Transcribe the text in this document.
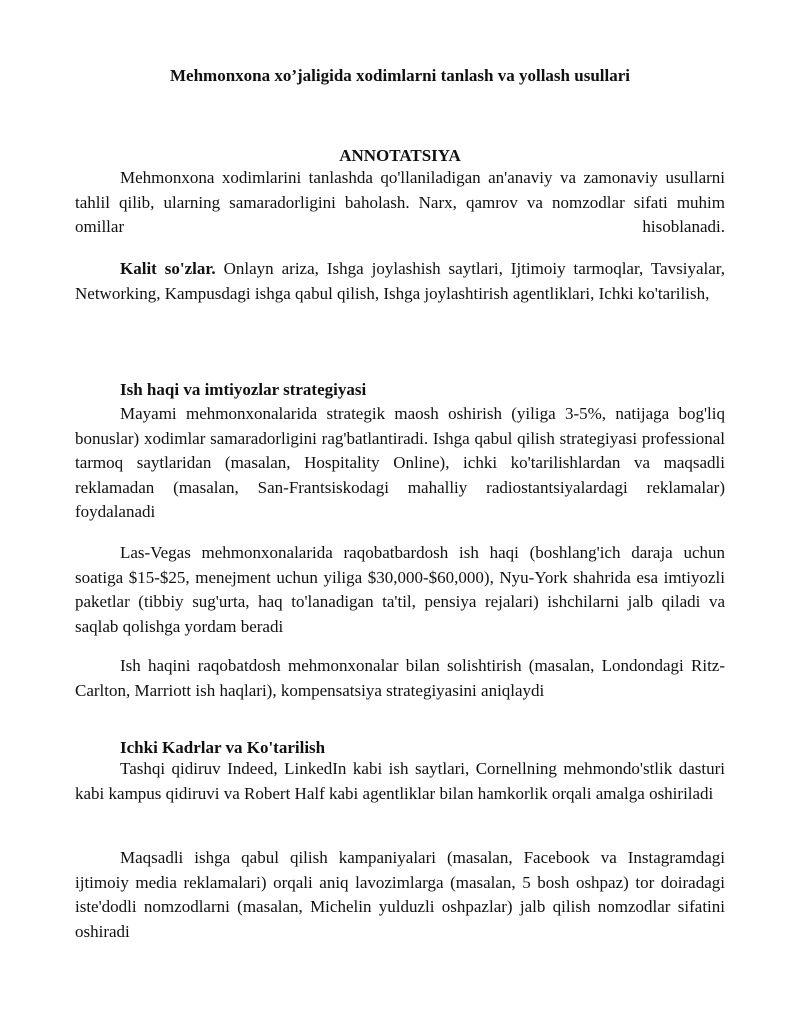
Mehmonxona xo’jaligida xodimlarni tanlash va yollash usullari
ANNOTATSIYA

Mehmonxona xodimlarini tanlashda qo'llaniladigan an'anaviy va zamonaviy usullarni tahlil qilib, ularning samaradorligini baholash. Narx, qamrov va nomzodlar sifati muhim omillar hisoblanadi.

Kalit so'zlar. Onlayn ariza, Ishga joylashish saytlari, Ijtimoiy tarmoqlar, Tavsiyalar, Networking, Kampusdagi ishga qabul qilish, Ishga joylashtirish agentliklari, Ichki ko'tarilish,

Ish haqi va imtiyozlar strategiyasi

Mayami mehmonxonalarida strategik maosh oshirish (yiliga 3-5%, natijaga bog'liq bonuslar) xodimlar samaradorligini rag'batlantiradi. Ishga qabul qilish strategiyasi professional tarmoq saytlaridan (masalan, Hospitality Online), ichki ko'tarilishlardan va maqsadli reklamadan (masalan, San-Frantsiskodagi mahalliy radiostantsiyalardagi reklamalar) foydalanadi

Las-Vegas mehmonxonalarida raqobatbardosh ish haqi (boshlang'ich daraja uchun soatiga $15-$25, menejment uchun yiliga $30,000-$60,000), Nyu-York shahrida esa imtiyozli paketlar (tibbiy sug'urta, haq to'lanadigan ta'til, pensiya rejalari) ishchilarni jalb qiladi va saqlab qolishga yordam beradi

Ish haqini raqobatdosh mehmonxonalar bilan solishtirish (masalan, Londondagi Ritz-Carlton, Marriott ish haqlari), kompensatsiya strategiyasini aniqlaydi

Ichki Kadrlar va Ko'tarilish

Tashqi qidiruv Indeed, LinkedIn kabi ish saytlari, Cornellning mehmondo'stlik dasturi kabi kampus qidiruvi va Robert Half kabi agentliklar bilan hamkorlik orqali amalga oshiriladi

Maqsadli ishga qabul qilish kampaniyalari (masalan, Facebook va Instagramdagi ijtimoiy media reklamalari) orqali aniq lavozimlarga (masalan, 5 bosh oshpaz) tor doiradagi iste'dodli nomzodlarni (masalan, Michelin yulduzli oshpazlar) jalb qilish nomzodlar sifatini oshiradi
